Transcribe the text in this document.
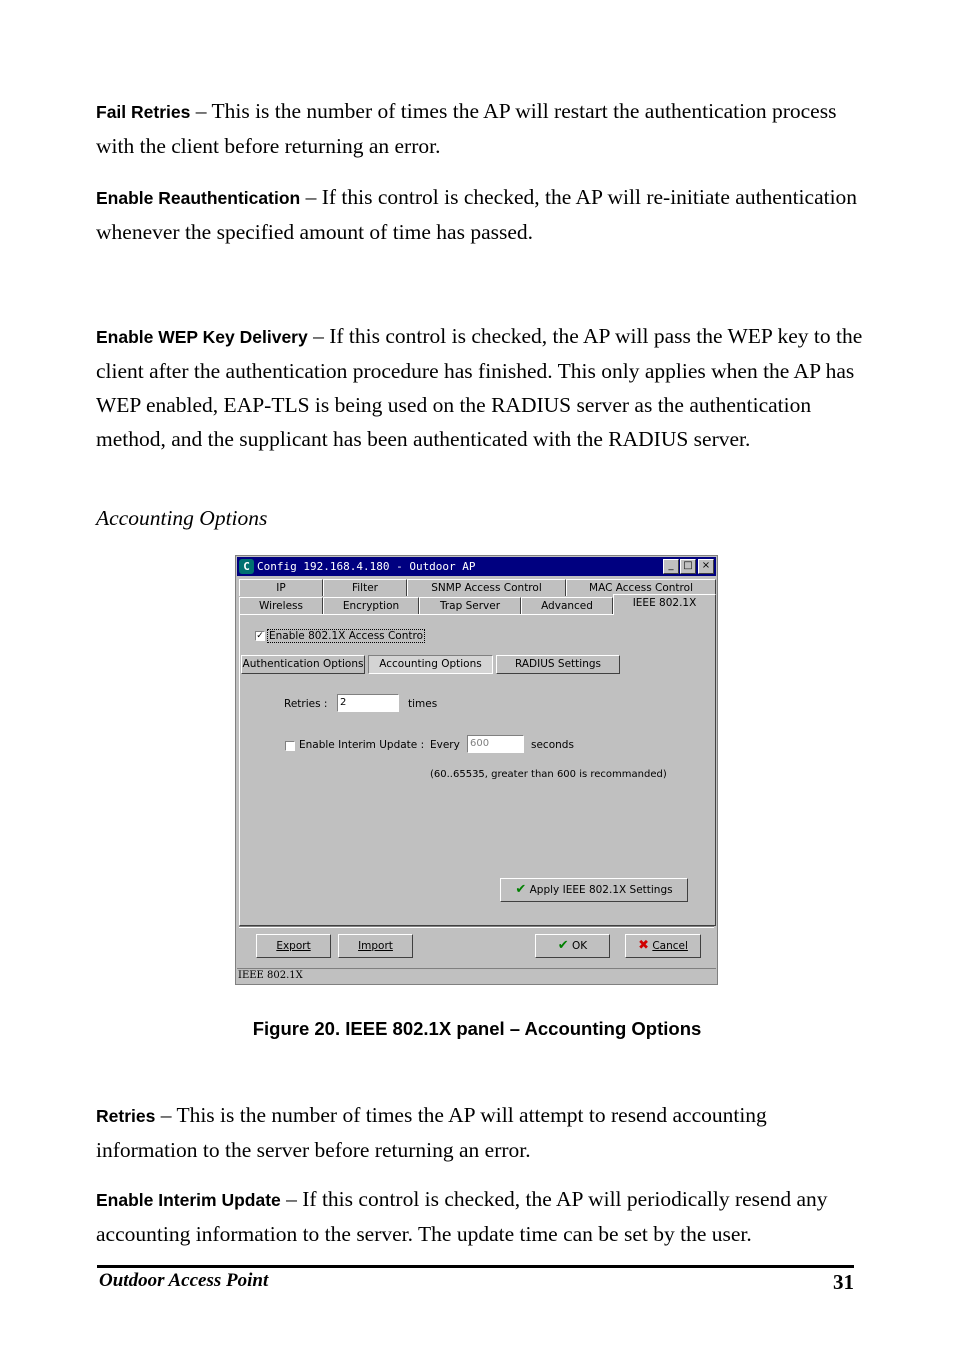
Fail Retries – This is the number of times the AP will restart the authentication process with the client before returning an error.
Enable Reauthentication – If this control is checked, the AP will re-initiate authentication whenever the specified amount of time has passed.
Enable WEP Key Delivery – If this control is checked, the AP will pass the WEP key to the client after the authentication procedure has finished. This only applies when the AP has WEP enabled, EAP-TLS is being used on the RADIUS server as the authentication method, and the supplicant has been authenticated with the RADIUS server.
Accounting Options
C Config 192.168.4.180 - Outdoor AP	_ □ ×
IP	Filter	SNMP Access Control	MAC Access Control
Wireless	Encryption	Trap Server	Advanced	IEEE 802.1X
✓ Enable 802.1X Access Contro
Authentication Options	Accounting Options	RADIUS Settings
Retries :	2	times
Enable Interim Update : Every	600	seconds
(60..65535, greater than 600 is recommanded)
✔ Apply IEEE 802.1X Settings
Export	Import	✔ OK	✖ Cancel
IEEE 802.1X
Figure 20. IEEE 802.1X panel – Accounting Options
Retries – This is the number of times the AP will attempt to resend accounting information to the server before returning an error.
Enable Interim Update – If this control is checked, the AP will periodically resend any accounting information to the server. The update time can be set by the user.
Outdoor Access Point	31
